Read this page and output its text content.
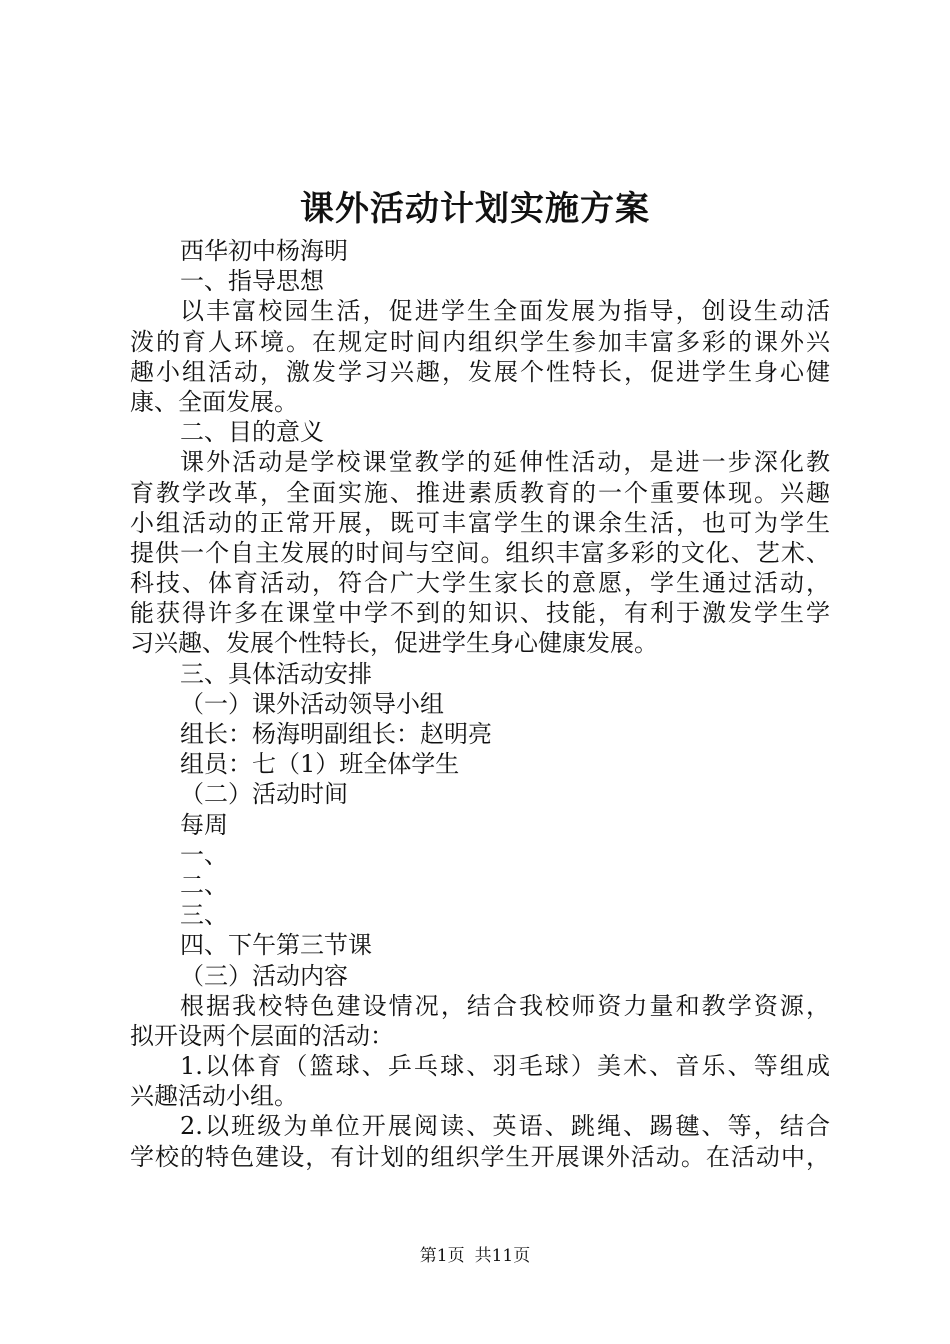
课外活动计划实施方案

西华初中杨海明

一、指导思想

以丰富校园生活，促进学生全面发展为指导，创设生动活

泼的育人环境。在规定时间内组织学生参加丰富多彩的课外兴

趣小组活动，激发学习兴趣，发展个性特长，促进学生身心健

康、全面发展。

二、目的意义

课外活动是学校课堂教学的延伸性活动，是进一步深化教

育教学改革，全面实施、推进素质教育的一个重要体现。兴趣

小组活动的正常开展，既可丰富学生的课余生活，也可为学生

提供一个自主发展的时间与空间。组织丰富多彩的文化、艺术、

科技、体育活动，符合广大学生家长的意愿，学生通过活动，

能获得许多在课堂中学不到的知识、技能，有利于激发学生学

习兴趣、发展个性特长，促进学生身心健康发展。

三、具体活动安排

（一）课外活动领导小组

组长：杨海明副组长：赵明亮

组员：七（1）班全体学生

（二）活动时间

每周

一、

二、

三、

四、下午第三节课

（三）活动内容

根据我校特色建设情况，结合我校师资力量和教学资源，

拟开设两个层面的活动：

1.以体育（篮球、乒乓球、羽毛球）美术、音乐、等组成

兴趣活动小组。

2.以班级为单位开展阅读、英语、跳绳、踢毽、等，结合

学校的特色建设，有计划的组织学生开展课外活动。在活动中，

第1页 共11页
